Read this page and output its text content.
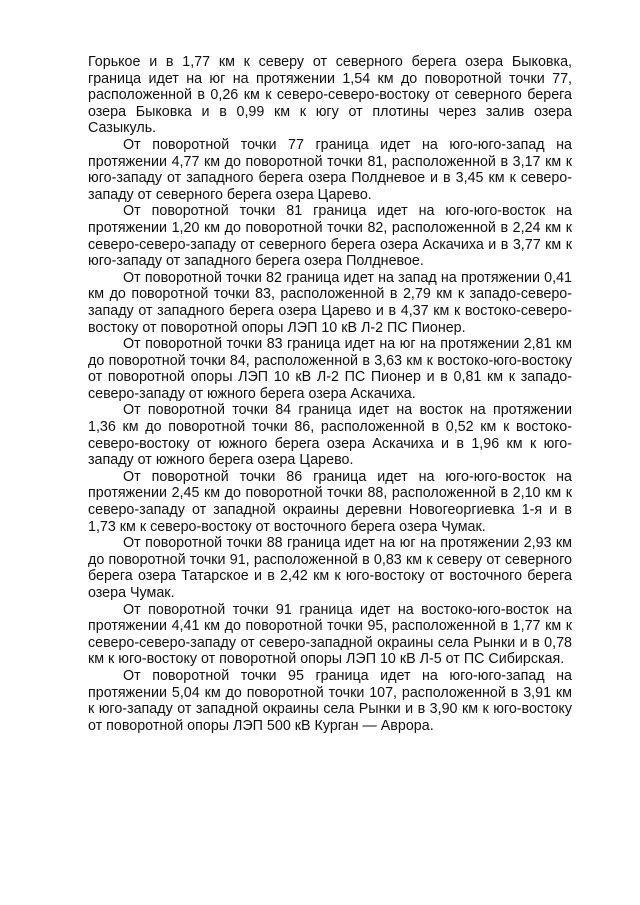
Горькое и в 1,77 км к северу от северного берега озера Быковка, граница идет на юг на протяжении 1,54 км до поворотной точки 77, расположенной в 0,26 км к северо-северо-востоку от северного берега озера Быковка и в 0,99 км к югу от плотины через залив озера Сазыкуль.

От поворотной точки 77 граница идет на юго-юго-запад на протяжении 4,77 км до поворотной точки 81, расположенной в 3,17 км к юго-западу от западного берега озера Полдневое и в 3,45 км к северо-западу от северного берега озера Царево.

От поворотной точки 81 граница идет на юго-юго-восток на протяжении 1,20 км до поворотной точки 82, расположенной в 2,24 км к северо-северо-западу от северного берега озера Аскачиха и в 3,77 км к юго-западу от западного берега озера Полдневое.

От поворотной точки 82 граница идет на запад на протяжении 0,41 км до поворотной точки 83, расположенной в 2,79 км к западо-северо-западу от западного берега озера Царево и в 4,37 км к востоко-северо-востоку от поворотной опоры ЛЭП 10 кВ Л-2 ПС Пионер.

От поворотной точки 83 граница идет на юг на протяжении 2,81 км до поворотной точки 84, расположенной в 3,63 км к востоко-юго-востоку от поворотной опоры ЛЭП 10 кВ Л-2 ПС Пионер и в 0,81 км к западо-северо-западу от южного берега озера Аскачиха.

От поворотной точки 84 граница идет на восток на протяжении 1,36 км до поворотной точки 86, расположенной в 0,52 км к востоко-северо-востоку от южного берега озера Аскачиха и в 1,96 км к юго-западу от южного берега озера Царево.

От поворотной точки 86 граница идет на юго-юго-восток на протяжении 2,45 км до поворотной точки 88, расположенной в 2,10 км к северо-западу от западной окраины деревни Новогеоргиевка 1-я и в 1,73 км к северо-востоку от восточного берега озера Чумак.

От поворотной точки 88 граница идет на юг на протяжении 2,93 км до поворотной точки 91, расположенной в 0,83 км к северу от северного берега озера Татарское и в 2,42 км к юго-востоку от восточного берега озера Чумак.

От поворотной точки 91 граница идет на востоко-юго-восток на протяжении 4,41 км до поворотной точки 95, расположенной в 1,77 км к северо-северо-западу от северо-западной окраины села Рынки и в 0,78 км к юго-востоку от поворотной опоры ЛЭП 10 кВ Л-5 от ПС Сибирская.

От поворотной точки 95 граница идет на юго-юго-запад на протяжении 5,04 км до поворотной точки 107, расположенной в 3,91 км к юго-западу от западной окраины села Рынки и в 3,90 км к юго-востоку от поворотной опоры ЛЭП 500 кВ Курган — Аврора.
